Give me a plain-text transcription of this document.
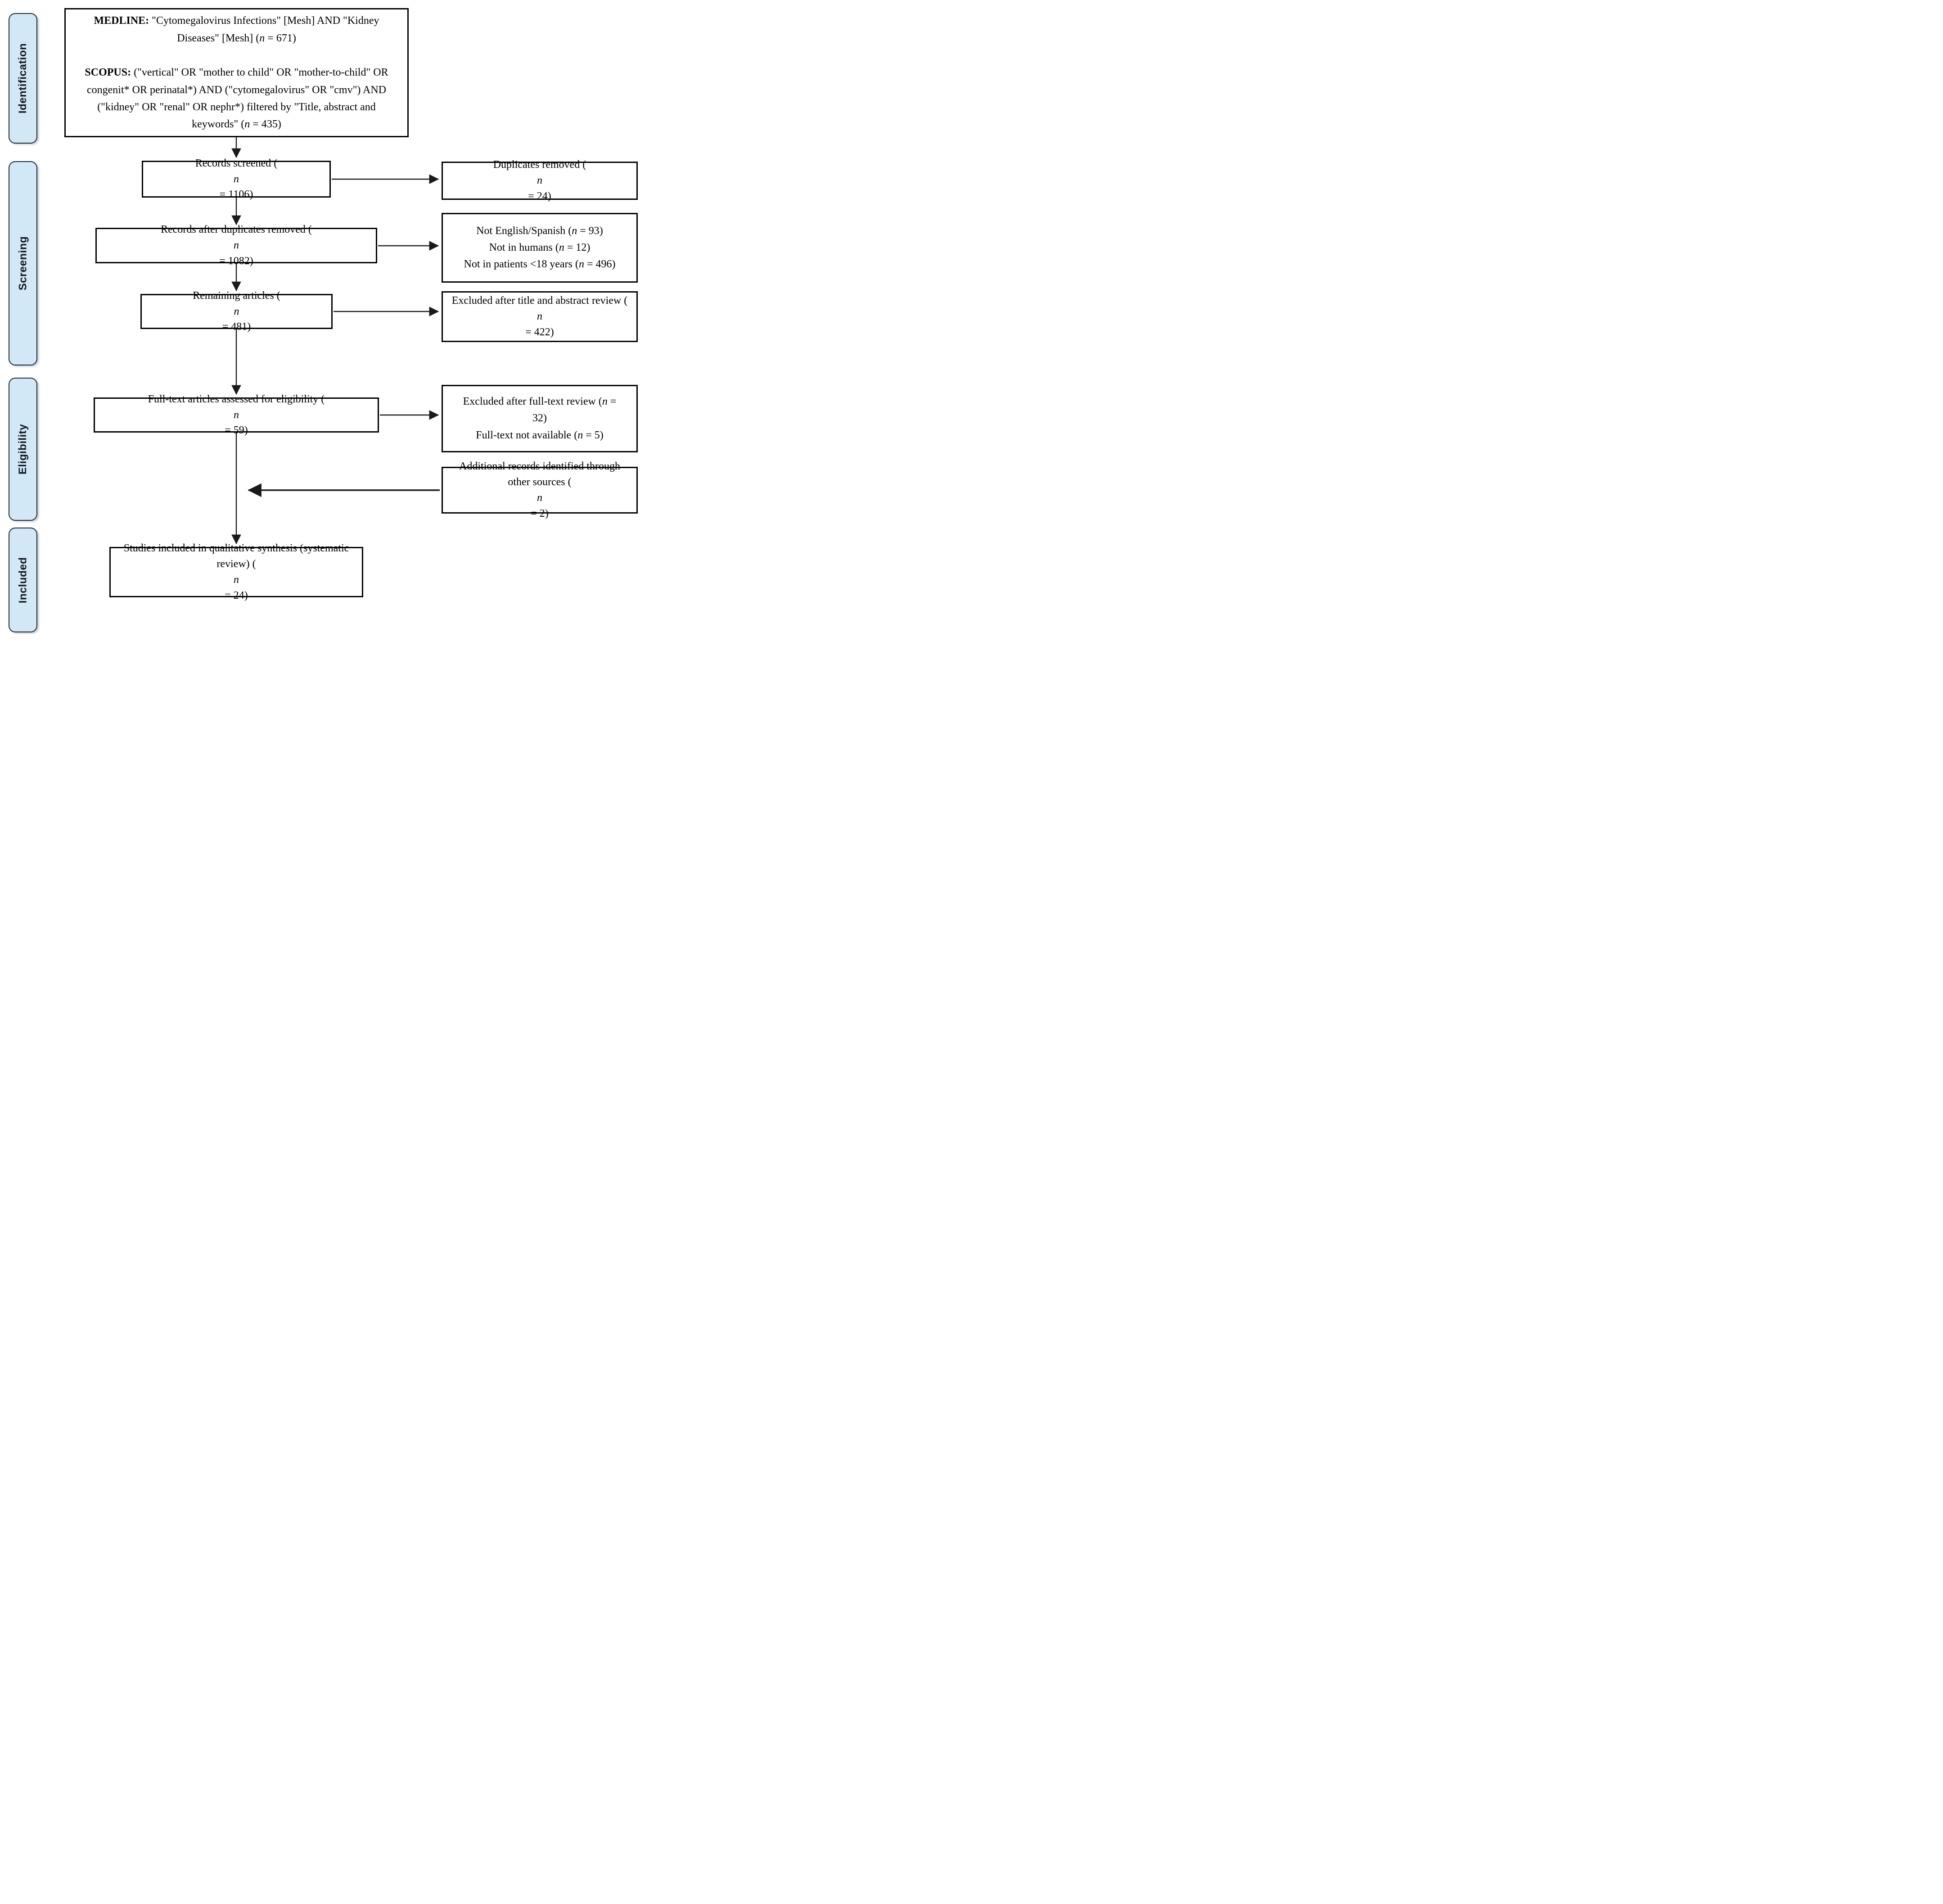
Identification
Screening
Eligibility
Included

MEDLINE: "Cytomegalovirus Infections" [Mesh] AND "Kidney Diseases" [Mesh] (n = 671)

SCOPUS: ("vertical" OR "mother to child" OR "mother-to-child" OR congenit* OR perinatal*) AND ("cytomegalovirus" OR "cmv") AND ("kidney" OR "renal" OR nephr*) filtered by "Title, abstract and keywords" (n = 435)

Records screened (
n
= 1106)
Records after duplicates removed (
n
= 1082)
Remaining articles (
n
= 481)
Full-text articles assessed for eligibility (
n
= 59)
Studies included in qualitative synthesis (systematic review) (
n
= 24)
Duplicates removed (
n
= 24)
Not English/Spanish (n = 93)
Not in humans (n = 12)
Not in patients <18 years (n = 496)
Excluded after title and abstract review (
n
= 422)
Excluded after full-text review (n = 32)
Full-text not available (n = 5)
Additional records identified through other sources (
n
= 2)
